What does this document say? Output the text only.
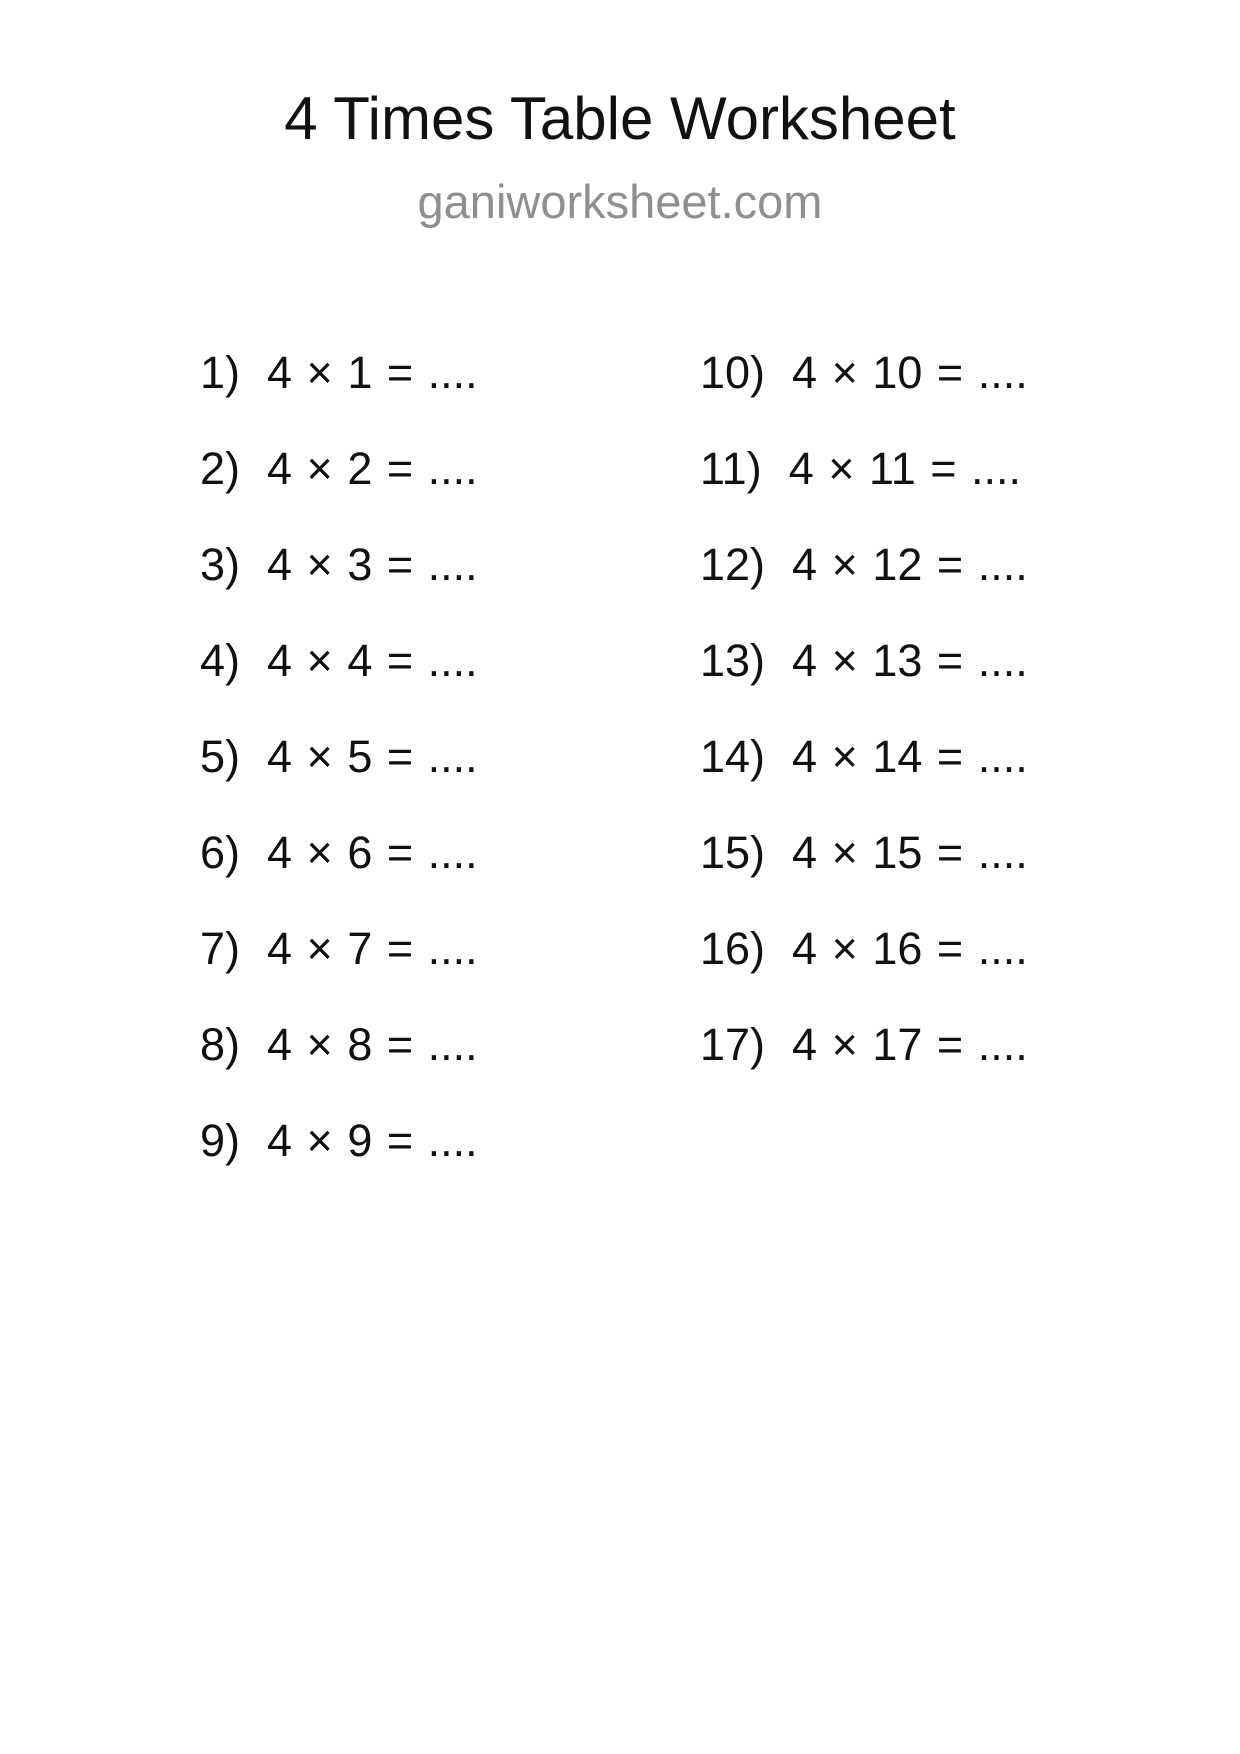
4 Times Table Worksheet
ganiworksheet.com
1) 4 × 1 = ....
2) 4 × 2 = ....
3) 4 × 3 = ....
4) 4 × 4 = ....
5) 4 × 5 = ....
6) 4 × 6 = ....
7) 4 × 7 = ....
8) 4 × 8 = ....
9) 4 × 9 = ....
10) 4 × 10 = ....
11) 4 × 11 = ....
12) 4 × 12 = ....
13) 4 × 13 = ....
14) 4 × 14 = ....
15) 4 × 15 = ....
16) 4 × 16 = ....
17) 4 × 17 = ....
